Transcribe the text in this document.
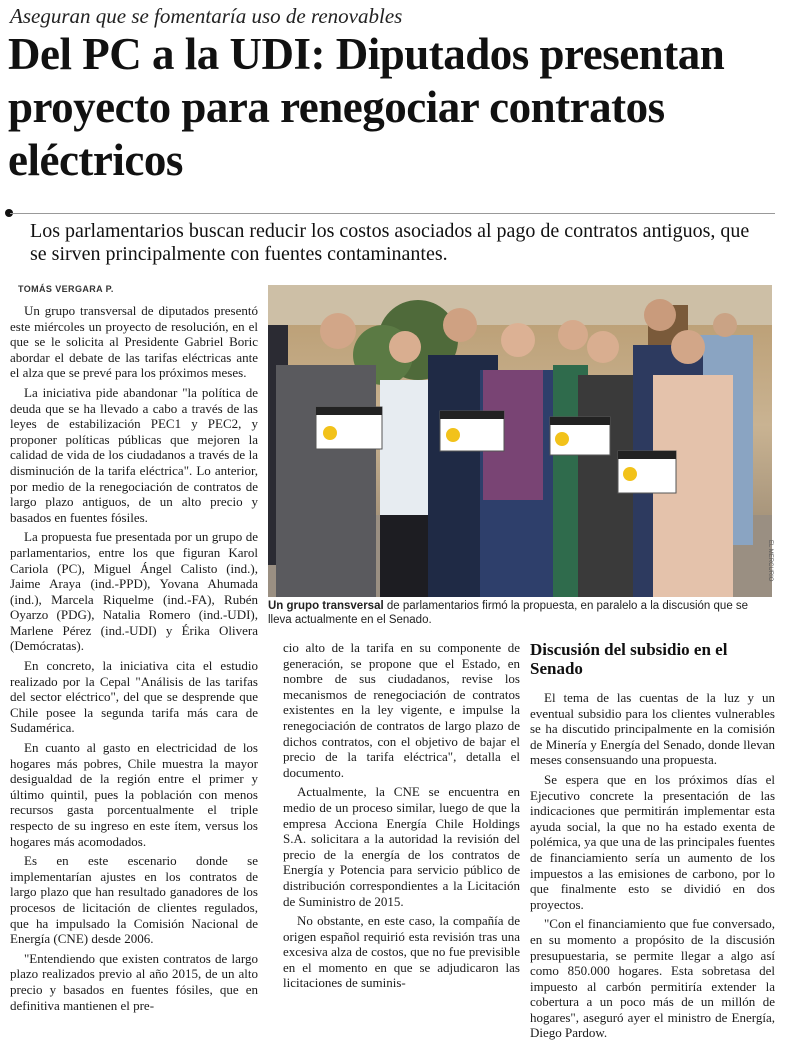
Aseguran que se fomentaría uso de renovables
Del PC a la UDI: Diputados presentan proyecto para renegociar contratos eléctricos
Los parlamentarios buscan reducir los costos asociados al pago de contratos antiguos, que se sirven principalmente con fuentes contaminantes.
TOMÁS VERGARA P.

Un grupo transversal de diputados presentó este miércoles un proyecto de resolución, en el que se le solicita al Presidente Gabriel Boric abordar el debate de las tarifas eléctricas ante el alza que se prevé para los próximos meses.

La iniciativa pide abandonar "la política de deuda que se ha llevado a cabo a través de las leyes de estabilización PEC1 y PEC2, y proponer políticas públicas que mejoren la calidad de vida de los ciudadanos a través de la disminución de la tarifa eléctrica". Lo anterior, por medio de la renegociación de contratos de largo plazo antiguos, de un alto precio y basados en fuentes fósiles.

La propuesta fue presentada por un grupo de parlamentarios, entre los que figuran Karol Cariola (PC), Miguel Ángel Calisto (ind.), Jaime Araya (ind.-PPD), Yovana Ahumada (ind.), Marcela Riquelme (ind.-FA), Rubén Oyarzo (PDG), Natalia Romero (ind.-UDI), Marlene Pérez (ind.-UDI) y Érika Olivera (Demócratas).

En concreto, la iniciativa cita el estudio realizado por la Cepal "Análisis de las tarifas del sector eléctrico", del que se desprende que Chile posee la segunda tarifa más cara de Sudamérica.

En cuanto al gasto en electricidad de los hogares más pobres, Chile muestra la mayor desigualdad de la región entre el primer y último quintil, pues la población con menos recursos gasta porcentualmente el triple respecto de su ingreso en este ítem, versus los hogares más acomodados.

Es en este escenario donde se implementarían ajustes en los contratos de largo plazo que han resultado ganadores de los procesos de licitación de clientes regulados, que ha impulsado la Comisión Nacional de Energía (CNE) desde 2006.

"Entendiendo que existen contratos de largo plazo realizados previo al año 2015, de un alto precio y basados en fuentes fósiles, que en definitiva mantienen el pre-

EL MERCURIO
Un grupo transversal de parlamentarios firmó la propuesta, en paralelo a la discusión que se lleva actualmente en el Senado.

cio alto de la tarifa en su componente de generación, se propone que el Estado, en nombre de sus ciudadanos, revise los mecanismos de renegociación de contratos existentes en la ley vigente, e impulse la renegociación de contratos de largo plazo de dichos contratos, con el objetivo de bajar el precio de la tarifa eléctrica", detalla el documento.

Actualmente, la CNE se encuentra en medio de un proceso similar, luego de que la empresa Acciona Energía Chile Holdings S.A. solicitara a la autoridad la revisión del precio de la energía de los contratos de Energía y Potencia para servicio público de distribución correspondientes a la Licitación de Suministro de 2015.

No obstante, en este caso, la compañía de origen español requirió esta revisión tras una excesiva alza de costos, que no fue previsible en el momento en que se adjudicaron las licitaciones de suminis-

Discusión del subsidio en el Senado

El tema de las cuentas de la luz y un eventual subsidio para los clientes vulnerables se ha discutido principalmente en la comisión de Minería y Energía del Senado, donde llevan meses consensuando una propuesta.

Se espera que en los próximos días el Ejecutivo concrete la presentación de las indicaciones que permitirán implementar esta ayuda social, la que no ha estado exenta de polémica, ya que una de las principales fuentes de financiamiento sería un aumento de los impuestos a las emisiones de carbono, por lo que finalmente esto se dividió en dos proyectos.

"Con el financiamiento que fue conversado, en su momento a propósito de la discusión presupuestaria, se permite llegar a algo así como 850.000 hogares. Esta sobretasa del impuesto al carbón permitiría extender la cobertura a un poco más de un millón de hogares", aseguró ayer el ministro de Energía, Diego Pardow.
